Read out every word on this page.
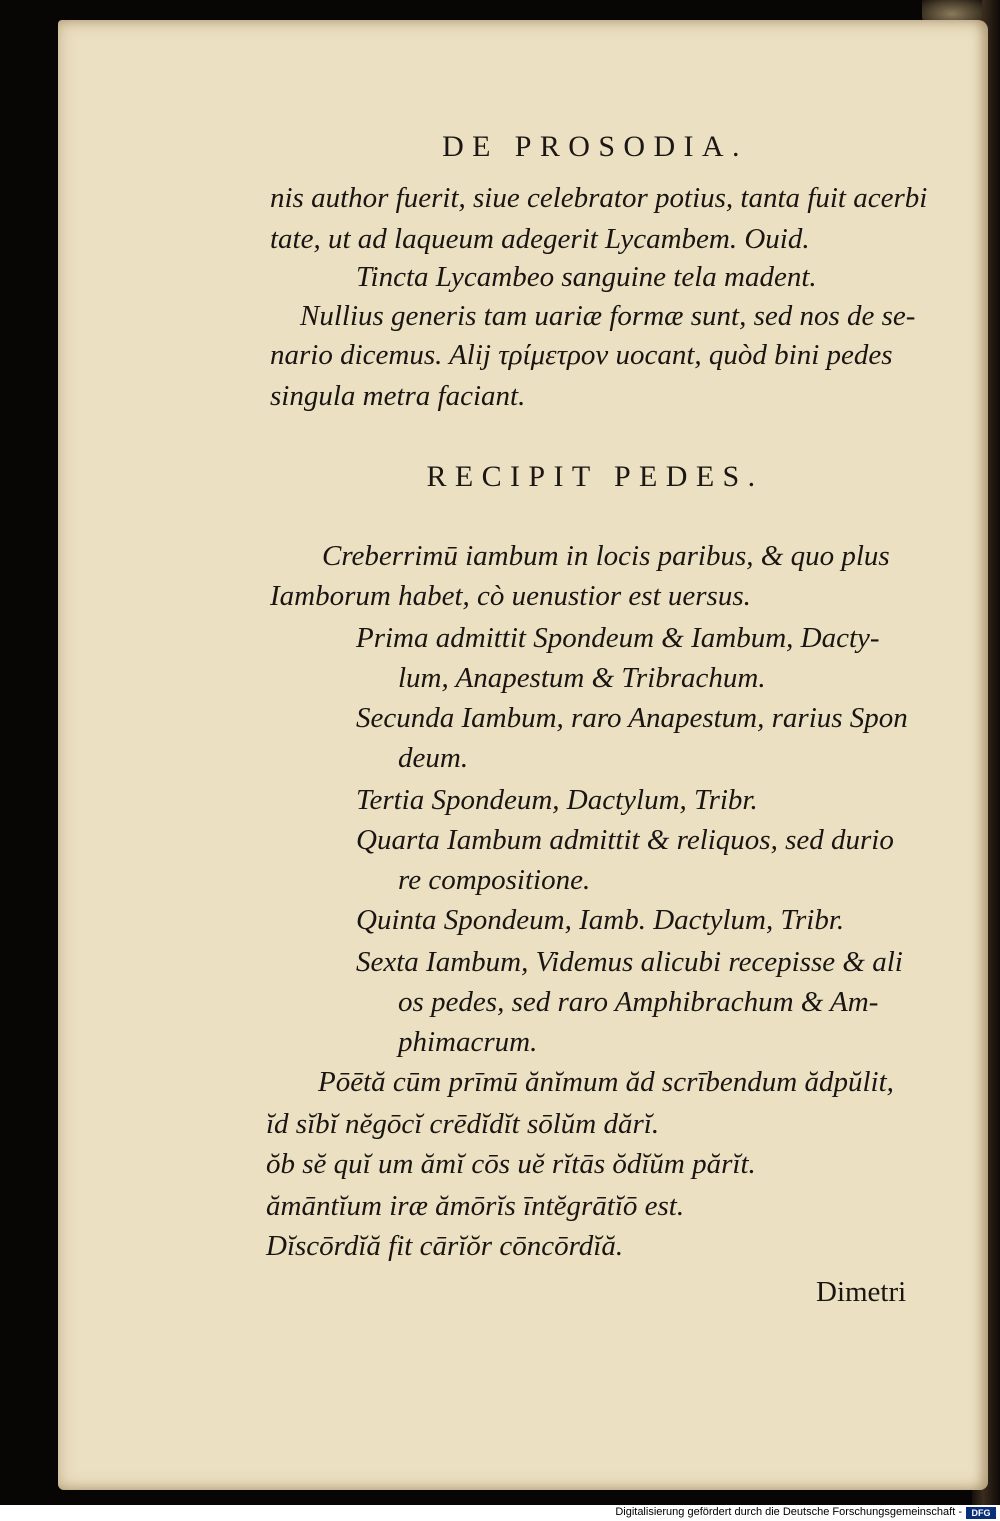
DE PROSODIA.
nis author fuerit, siue celebrator potius, tanta fuit acerbi
tate, ut ad laqueum adegerit Lycambem. Ouid.
Tincta Lycambeo sanguine tela madent.
Nullius generis tam uariæ formæ sunt, sed nos de se-
nario dicemus. Alij τρίμετρον uocant, quòd bini pedes
singula metra faciant.
RECIPIT PEDES.
Creberrimū iambum in locis paribus, & quo plus
Iamborum habet, cò uenustior est uersus.
Prima admittit Spondeum & Iambum, Dacty-
lum, Anapestum & Tribrachum.
Secunda Iambum, raro Anapestum, rarius Spon
deum.
Tertia Spondeum, Dactylum, Tribr.
Quarta Iambum admittit & reliquos, sed durio
re compositione.
Quinta Spondeum, Iamb. Dactylum, Tribr.
Sexta Iambum, Videmus alicubi recepisse & ali
os pedes, sed raro Amphibrachum & Am-
phimacrum.
Pōētă cūm prīmū ănĭmum ăd scrībendum ădpŭlit,
ĭd sĭbĭ nĕgōcĭ crēdĭdĭt sōlŭm dărĭ.
ŏb sĕ quĭ um ămĭ cōs uĕ rĭtās ŏdĭŭm părĭt.
ămāntĭum iræ ămōrĭs īntĕgrātĭō est.
Dĭscōrdĭă fit cārĭŏr cōncōrdĭă.
Dimetri
Digitalisierung gefördert durch die Deutsche Forschungsgemeinschaft -	DFG
